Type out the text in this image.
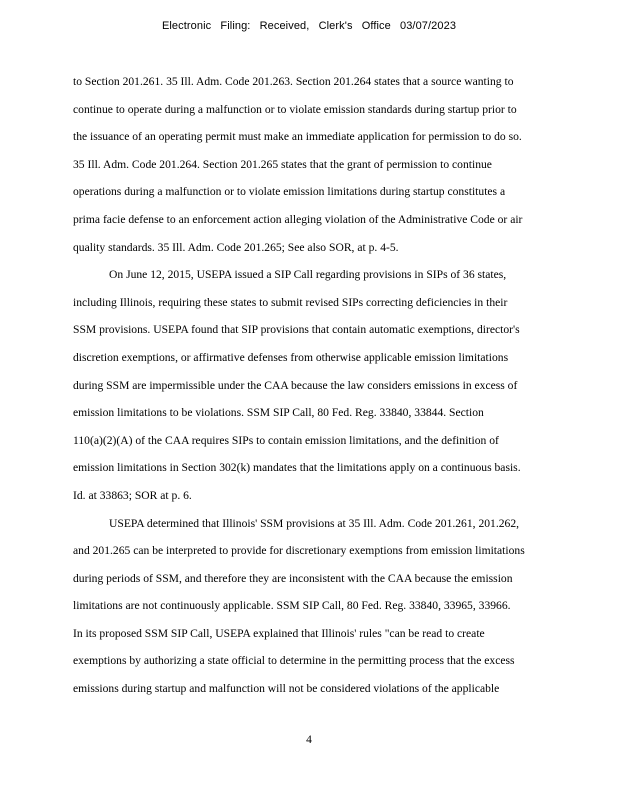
Electronic Filing: Received, Clerk's Office 03/07/2023

to Section 201.261. 35 Ill. Adm. Code 201.263. Section 201.264 states that a source wanting to
continue to operate during a malfunction or to violate emission standards during startup prior to
the issuance of an operating permit must make an immediate application for permission to do so.
35 Ill. Adm. Code 201.264. Section 201.265 states that the grant of permission to continue
operations during a malfunction or to violate emission limitations during startup constitutes a
prima facie defense to an enforcement action alleging violation of the Administrative Code or air
quality standards. 35 Ill. Adm. Code 201.265; See also SOR, at p. 4-5.

On June 12, 2015, USEPA issued a SIP Call regarding provisions in SIPs of 36 states,
including Illinois, requiring these states to submit revised SIPs correcting deficiencies in their
SSM provisions. USEPA found that SIP provisions that contain automatic exemptions, director's
discretion exemptions, or affirmative defenses from otherwise applicable emission limitations
during SSM are impermissible under the CAA because the law considers emissions in excess of
emission limitations to be violations. SSM SIP Call, 80 Fed. Reg. 33840, 33844. Section
110(a)(2)(A) of the CAA requires SIPs to contain emission limitations, and the definition of
emission limitations in Section 302(k) mandates that the limitations apply on a continuous basis.
Id. at 33863; SOR at p. 6.

USEPA determined that Illinois' SSM provisions at 35 Ill. Adm. Code 201.261, 201.262,
and 201.265 can be interpreted to provide for discretionary exemptions from emission limitations
during periods of SSM, and therefore they are inconsistent with the CAA because the emission
limitations are not continuously applicable. SSM SIP Call, 80 Fed. Reg. 33840, 33965, 33966.
In its proposed SSM SIP Call, USEPA explained that Illinois' rules "can be read to create
exemptions by authorizing a state official to determine in the permitting process that the excess
emissions during startup and malfunction will not be considered violations of the applicable

4
